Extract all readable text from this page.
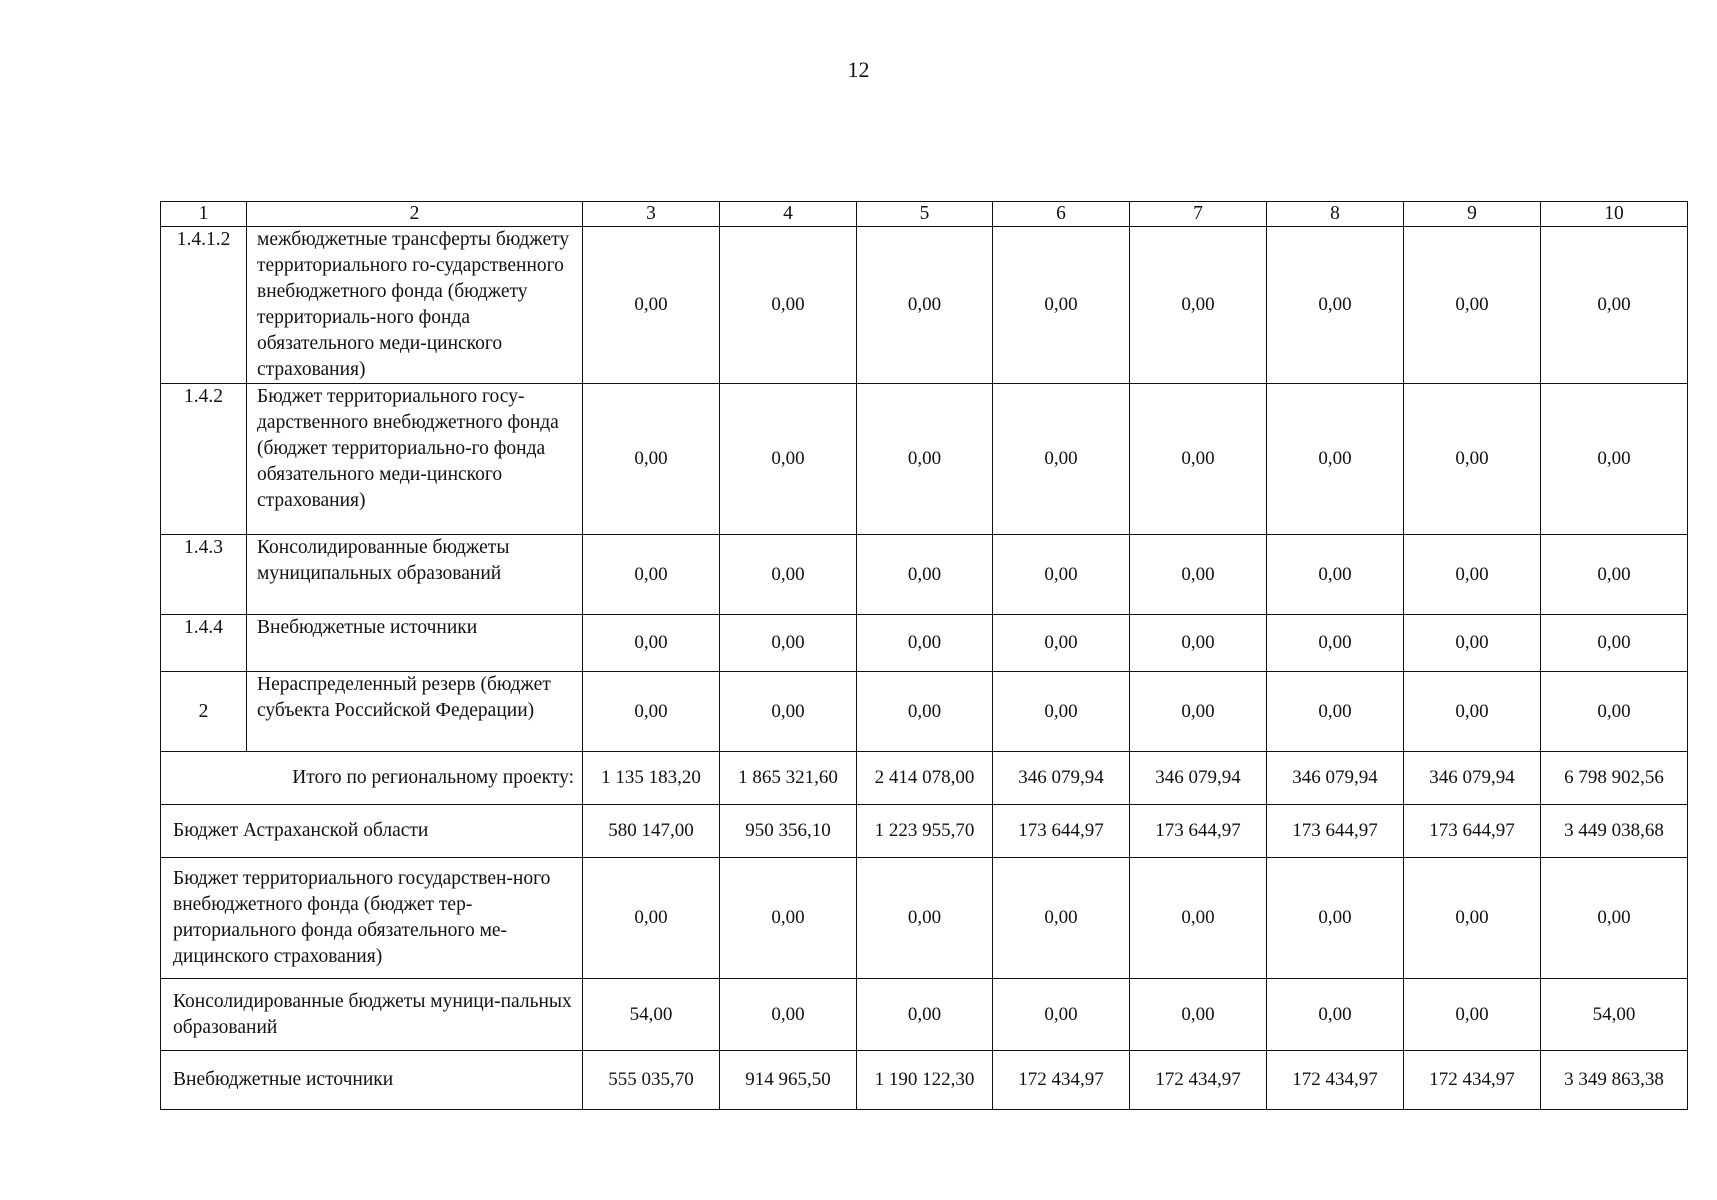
12
1	2	3	4	5	6	7	8	9	10
1.4.1.2	межбюджетные трансферты бюджету территориального го-сударственного внебюджетного фонда (бюджету территориаль-ного фонда обязательного меди-цинского страхования)	0,00	0,00	0,00	0,00	0,00	0,00	0,00	0,00
1.4.2	Бюджет территориального госу-дарственного внебюджетного фонда (бюджет территориально-го фонда обязательного меди-цинского страхования)	0,00	0,00	0,00	0,00	0,00	0,00	0,00	0,00
1.4.3	Консолидированные бюджеты муниципальных образований	0,00	0,00	0,00	0,00	0,00	0,00	0,00	0,00
1.4.4	Внебюджетные источники	0,00	0,00	0,00	0,00	0,00	0,00	0,00	0,00
2	Нераспределенный резерв (бюджет субъекта Российской Федерации)	0,00	0,00	0,00	0,00	0,00	0,00	0,00	0,00
Итого по региональному проекту:		1 135 183,20	1 865 321,60	2 414 078,00	346 079,94	346 079,94	346 079,94	346 079,94	6 798 902,56
Бюджет Астраханской области		580 147,00	950 356,10	1 223 955,70	173 644,97	173 644,97	173 644,97	173 644,97	3 449 038,68
Бюджет территориального государствен-ного внебюджетного фонда (бюджет тер-риториального фонда обязательного ме-дицинского страхования)		0,00	0,00	0,00	0,00	0,00	0,00	0,00	0,00
Консолидированные бюджеты муници-пальных образований		54,00	0,00	0,00	0,00	0,00	0,00	0,00	54,00
Внебюджетные источники		555 035,70	914 965,50	1 190 122,30	172 434,97	172 434,97	172 434,97	172 434,97	3 349 863,38
